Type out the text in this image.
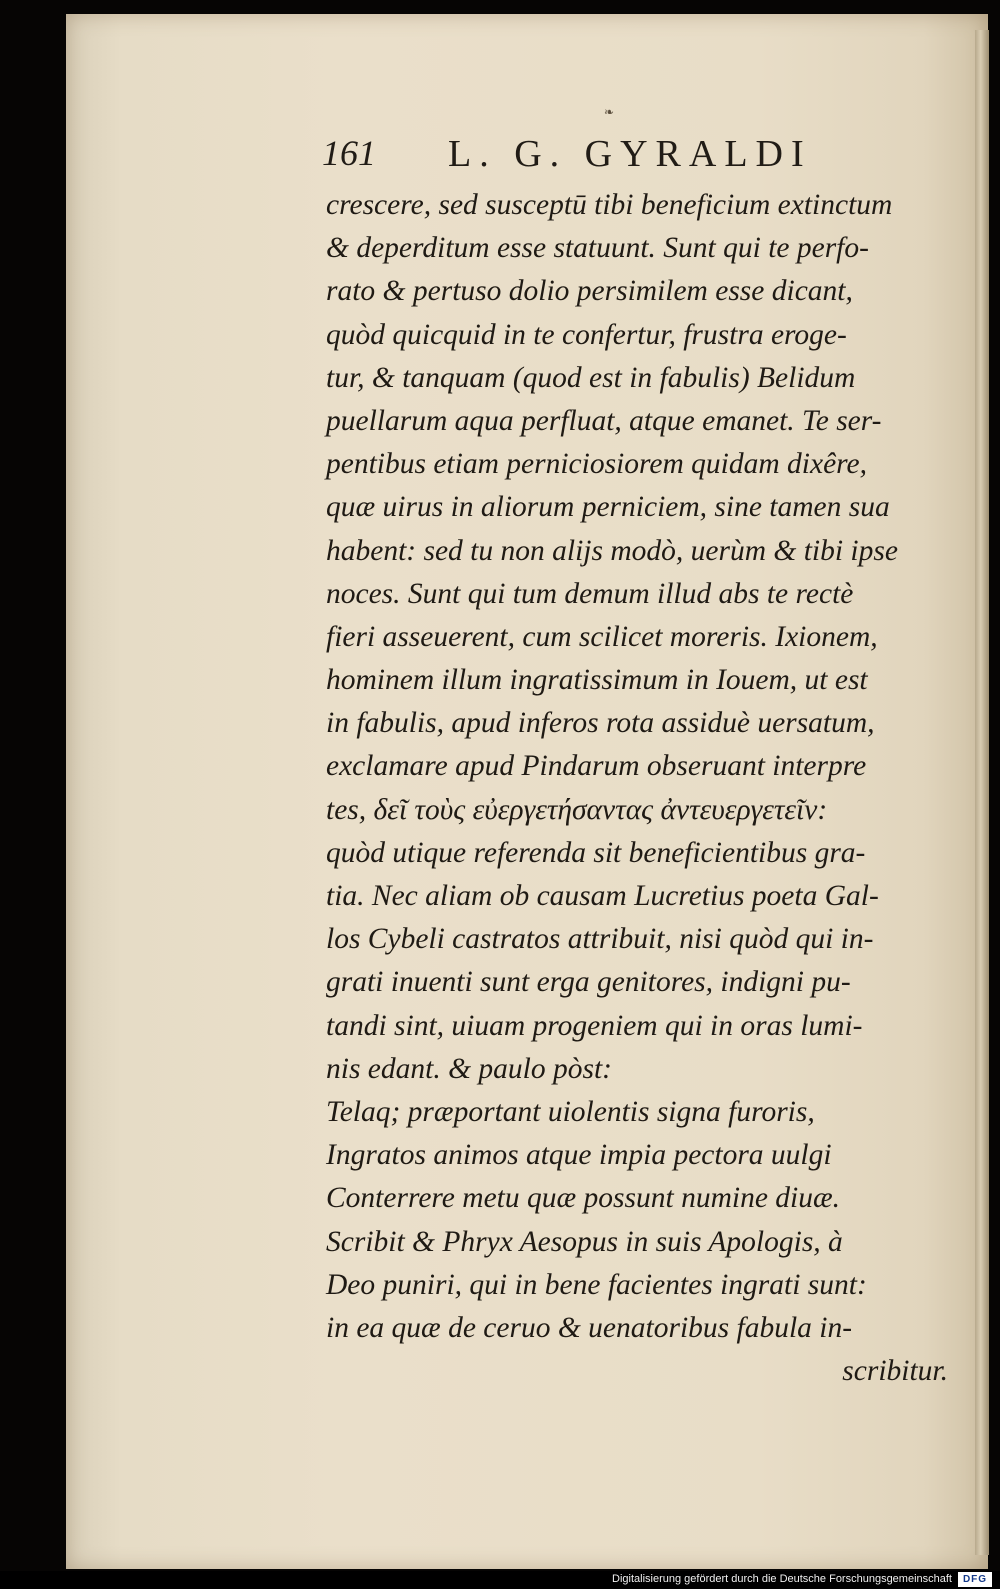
❧
161 L. G. GYRALDI
crescere, sed susceptū tibi beneficium extinctum
& deperditum esse statuunt. Sunt qui te perfo-
rato & pertuso dolio persimilem esse dicant,
quòd quicquid in te confertur, frustra eroge-
tur, & tanquam (quod est in fabulis) Belidum
puellarum aqua perfluat, atque emanet. Te ser-
pentibus etiam perniciosiorem quidam dixêre,
quæ uirus in aliorum perniciem, sine tamen sua
habent: sed tu non alijs modò, uerùm & tibi ipse
noces. Sunt qui tum demum illud abs te rectè
fieri asseuerent, cum scilicet moreris. Ixionem,
hominem illum ingratissimum in Iouem, ut est
in fabulis, apud inferos rota assiduè uersatum,
exclamare apud Pindarum obseruant interpre
tes, δεῖ τοὺς εὐεργετήσαντας ἀντευεργετεῖν:
quòd utique referenda sit beneficientibus gra-
tia. Nec aliam ob causam Lucretius poeta Gal-
los Cybeli castratos attribuit, nisi quòd qui in-
grati inuenti sunt erga genitores, indigni pu-
tandi sint, uiuam progeniem qui in oras lumi-
nis edant. & paulo pòst:
Telaq; præportant uiolentis signa furoris,
Ingratos animos atque impia pectora uulgi
Conterrere metu quæ possunt numine diuæ.
Scribit & Phryx Aesopus in suis Apologis, à
Deo puniri, qui in bene facientes ingrati sunt:
in ea quæ de ceruo & uenatoribus fabula in-
scribitur.
Digitalisierung gefördert durch die Deutsche Forschungsgemeinschaft	DFG
